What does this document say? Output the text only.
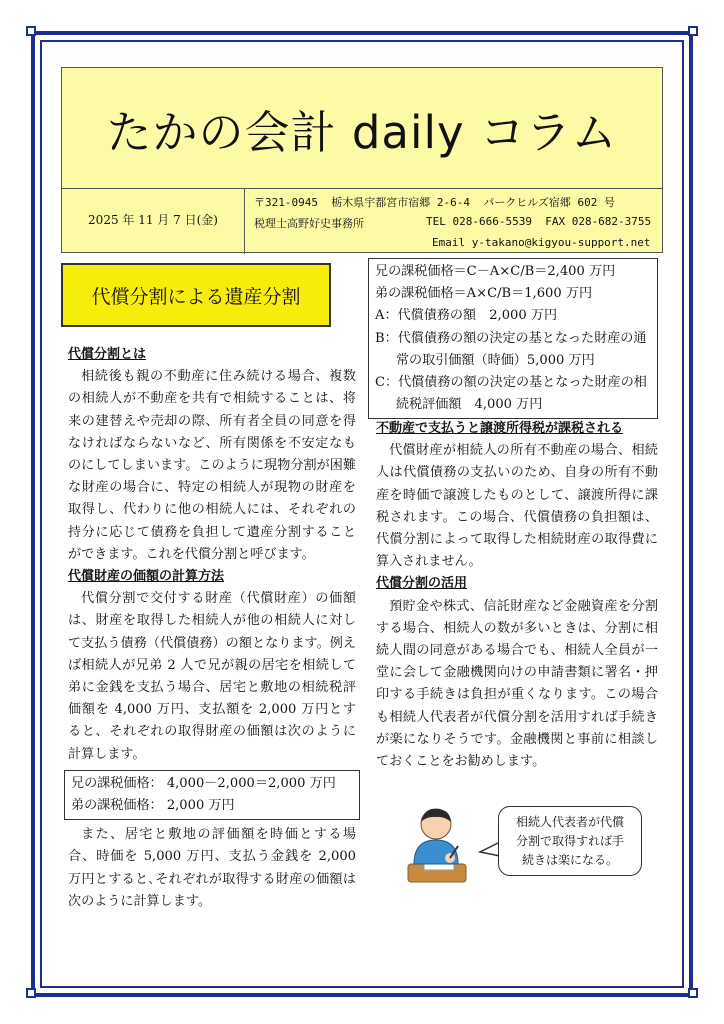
たかの会計 daily コラム
2025 年 11 月 7 日(金)
〒321-0945  栃木県宇都宮市宿郷 2-6-4  パークヒルズ宿郷 602 号
税理士高野好史事務所	TEL 028-666-5539  FAX 028-682-3755
Email y-takano@kigyou-support.net
代償分割による遺産分割
代償分割とは
相続後も親の不動産に住み続ける場合、複数の相続人が不動産を共有で相続することは、将来の建替えや売却の際、所有者全員の同意を得なければならないなど、所有関係を不安定なものにしてしまいます。このように現物分割が困難な財産の場合に、特定の相続人が現物の財産を取得し、代わりに他の相続人には、それぞれの持分に応じて債務を負担して遺産分割することができます。これを代償分割と呼びます。
代償財産の価額の計算方法
代償分割で交付する財産（代償財産）の価額は、財産を取得した相続人が他の相続人に対して支払う債務（代償債務）の額となります。例えば相続人が兄弟 2 人で兄が親の居宅を相続して弟に金銭を支払う場合、居宅と敷地の相続税評価額を 4,000 万円、支払額を 2,000 万円とすると、それぞれの取得財産の価額は次のように計算します。
兄の課税価格： 4,000－2,000＝2,000 万円
弟の課税価格： 2,000 万円
また、居宅と敷地の評価額を時価とする場合、時価を 5,000 万円、支払う金銭を 2,000 万円とすると､それぞれが取得する財産の価額は次のように計算します。
兄の課税価格＝C－A×C/B＝2,400 万円
弟の課税価格＝A×C/B＝1,600 万円
A：代償債務の額　2,000 万円
B：代償債務の額の決定の基となった財産の通常の取引価額（時価）5,000 万円
C：代償債務の額の決定の基となった財産の相続税評価額　4,000 万円
不動産で支払うと譲渡所得税が課税される
代償財産が相続人の所有不動産の場合、相続人は代償債務の支払いのため、自身の所有不動産を時価で譲渡したものとして、譲渡所得に課税されます。この場合、代償債務の負担額は、代償分割によって取得した相続財産の取得費に算入されません。
代償分割の活用
預貯金や株式、信託財産など金融資産を分割する場合、相続人の数が多いときは、分割に相続人間の同意がある場合でも、相続人全員が一堂に会して金融機関向けの申請書類に署名・押印する手続きは負担が重くなります。この場合も相続人代表者が代償分割を活用すれば手続きが楽になりそうです。金融機関と事前に相談しておくことをお勧めします。
相続人代表者が代償
分割で取得すれば手
続きは楽になる。
